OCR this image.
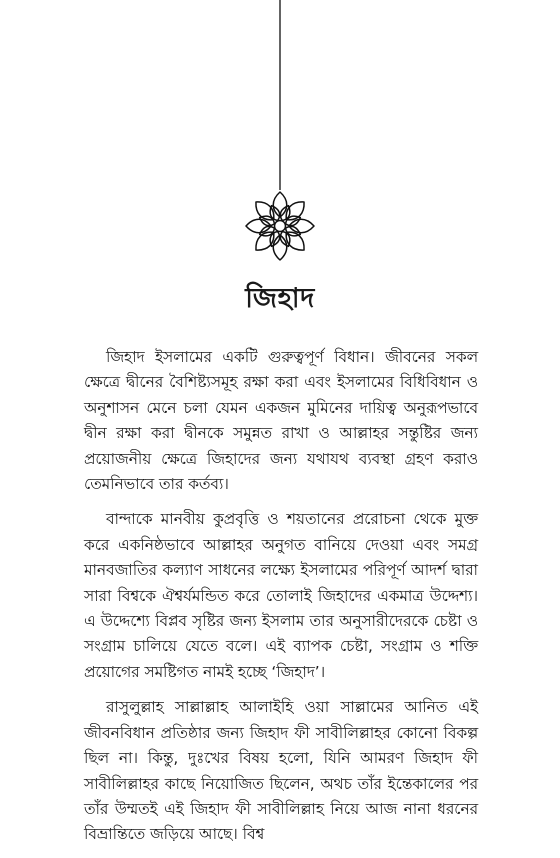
জিহাদ

জিহাদ ইসলামের একটি গুরুত্বপূর্ণ বিধান। জীবনের সকল ক্ষেত্রে দ্বীনের বৈশিষ্ট্যসমূহ রক্ষা করা এবং ইসলামের বিধিবিধান ও অনুশাসন মেনে চলা যেমন একজন মুমিনের দায়িত্ব অনুরূপভাবে দ্বীন রক্ষা করা দ্বীনকে সমুন্নত রাখা ও আল্লাহর সন্তুষ্টির জন্য প্রয়োজনীয় ক্ষেত্রে জিহাদের জন্য যথাযথ ব্যবস্থা গ্রহণ করাও তেমনিভাবে তার কর্তব্য।

বান্দাকে মানবীয় কুপ্রবৃত্তি ও শয়তানের প্ররোচনা থেকে মুক্ত করে একনিষ্ঠভাবে আল্লাহর অনুগত বানিয়ে দেওয়া এবং সমগ্র মানবজাতির কল্যাণ সাধনের লক্ষ্যে ইসলামের পরিপূর্ণ আদর্শ দ্বারা সারা বিশ্বকে ঐশ্বর্যমন্ডিত করে তোলাই জিহাদের একমাত্র উদ্দেশ্য। এ উদ্দেশ্যে বিপ্লব সৃষ্টির জন্য ইসলাম তার অনুসারীদেরকে চেষ্টা ও সংগ্রাম চালিয়ে যেতে বলে। এই ব্যাপক চেষ্টা, সংগ্রাম ও শক্তি প্রয়োগের সমষ্টিগত নামই হচ্ছে ‘জিহাদ’।

রাসুলুল্লাহ সাল্লাল্লাহ আলাইহি ওয়া সাল্লামের আনিত এই জীবনবিধান প্রতিষ্ঠার জন্য জিহাদ ফী সাবীলিল্লাহর কোনো বিকল্প ছিল না। কিন্তু, দুঃখের বিষয় হলো, যিনি আমরণ জিহাদ ফী সাবীলিল্লাহর কাছে নিয়োজিত ছিলেন, অথচ তাঁর ইন্তেকালের পর তাঁর উম্মতই এই জিহাদ ফী সাবীলিল্লাহ নিয়ে আজ নানা ধরনের বিভ্রান্তিতে জড়িয়ে আছে। বিশ্ব
